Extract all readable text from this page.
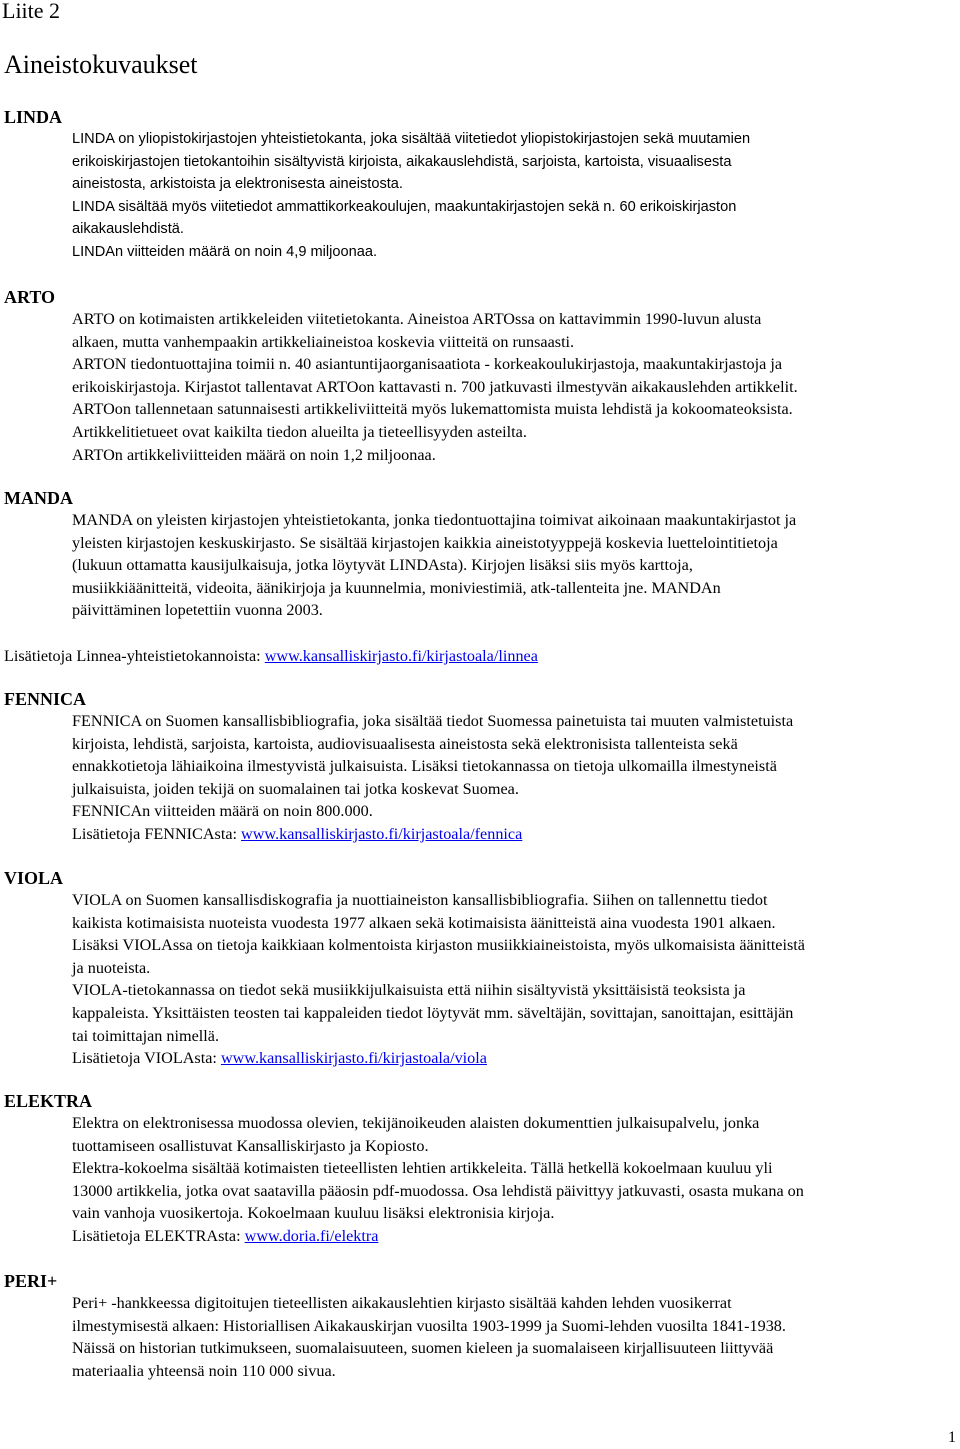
Liite 2
Aineistokuvaukset
LINDA
LINDA on yliopistokirjastojen yhteistietokanta, joka sisältää viitetiedot yliopistokirjastojen sekä muutamien
erikoiskirjastojen tietokantoihin sisältyvistä kirjoista, aikakauslehdistä, sarjoista, kartoista, visuaalisesta
aineistosta, arkistoista ja elektronisesta aineistosta.
LINDA sisältää myös viitetiedot ammattikorkeakoulujen, maakuntakirjastojen sekä n. 60 erikoiskirjaston
aikakauslehdistä.
LINDAn viitteiden määrä on noin 4,9 miljoonaa.
ARTO
ARTO on kotimaisten artikkeleiden viitetietokanta. Aineistoa ARTOssa on kattavimmin 1990-luvun alusta
alkaen, mutta vanhempaakin artikkeliaineistoa koskevia viitteitä on runsaasti.
ARTON tiedontuottajina toimii n. 40 asiantuntijaorganisaatiota - korkeakoulukirjastoja, maakuntakirjastoja ja
erikoiskirjastoja. Kirjastot tallentavat ARTOon kattavasti n. 700 jatkuvasti ilmestyvän aikakauslehden artikkelit.
ARTOon tallennetaan satunnaisesti artikkeliviitteitä myös lukemattomista muista lehdistä ja kokoomateoksista.
Artikkelitietueet ovat kaikilta tiedon alueilta ja tieteellisyyden asteilta.
ARTOn artikkeliviitteiden määrä on noin 1,2 miljoonaa.
MANDA
MANDA on yleisten kirjastojen yhteistietokanta, jonka tiedontuottajina toimivat aikoinaan maakuntakirjastot ja
yleisten kirjastojen keskuskirjasto. Se sisältää kirjastojen kaikkia aineistotyyppejä koskevia luettelointitietoja
(lukuun ottamatta kausijulkaisuja, jotka löytyvät LINDAsta). Kirjojen lisäksi siis myös karttoja,
musiikkiäänitteitä, videoita, äänikirjoja ja kuunnelmia, moniviestimiä, atk-tallenteita jne. MANDAn
päivittäminen lopetettiin vuonna 2003.
Lisätietoja Linnea-yhteistietokannoista: www.kansalliskirjasto.fi/kirjastoala/linnea
FENNICA
FENNICA on Suomen kansallisbibliografia, joka sisältää tiedot Suomessa painetuista tai muuten valmistetuista
kirjoista, lehdistä, sarjoista, kartoista, audiovisuaalisesta aineistosta sekä elektronisista tallenteista sekä
ennakkotietoja lähiaikoina ilmestyvistä julkaisuista. Lisäksi tietokannassa on tietoja ulkomailla ilmestyneistä
julkaisuista, joiden tekijä on suomalainen tai jotka koskevat Suomea.
FENNICAn viitteiden määrä on noin 800.000.
Lisätietoja FENNICAsta: www.kansalliskirjasto.fi/kirjastoala/fennica
VIOLA
VIOLA on Suomen kansallisdiskografia ja nuottiaineiston kansallisbibliografia. Siihen on tallennettu tiedot
kaikista kotimaisista nuoteista vuodesta 1977 alkaen sekä kotimaisista äänitteistä aina vuodesta 1901 alkaen.
Lisäksi VIOLAssa on tietoja kaikkiaan kolmentoista kirjaston musiikkiaineistoista, myös ulkomaisista äänitteistä
ja nuoteista.
VIOLA-tietokannassa on tiedot sekä musiikkijulkaisuista että niihin sisältyvistä yksittäisistä teoksista ja
kappaleista. Yksittäisten teosten tai kappaleiden tiedot löytyvät mm. säveltäjän, sovittajan, sanoittajan, esittäjän
tai toimittajan nimellä.
Lisätietoja VIOLAsta: www.kansalliskirjasto.fi/kirjastoala/viola
ELEKTRA
Elektra on elektronisessa muodossa olevien, tekijänoikeuden alaisten dokumenttien julkaisupalvelu, jonka
tuottamiseen osallistuvat Kansalliskirjasto ja Kopiosto.
Elektra-kokoelma sisältää kotimaisten tieteellisten lehtien artikkeleita. Tällä hetkellä kokoelmaan kuuluu yli
13000 artikkelia, jotka ovat saatavilla pääosin pdf-muodossa. Osa lehdistä päivittyy jatkuvasti, osasta mukana on
vain vanhoja vuosikertoja. Kokoelmaan kuuluu lisäksi elektronisia kirjoja.
Lisätietoja ELEKTRAsta: www.doria.fi/elektra
PERI+
Peri+ -hankkeessa digitoitujen tieteellisten aikakauslehtien kirjasto sisältää kahden lehden vuosikerrat
ilmestymisestä alkaen: Historiallisen Aikakauskirjan vuosilta 1903-1999 ja Suomi-lehden vuosilta 1841-1938.
Näissä on historian tutkimukseen, suomalaisuuteen, suomen kieleen ja suomalaiseen kirjallisuuteen liittyvää
materiaalia yhteensä noin 110 000 sivua.
1
